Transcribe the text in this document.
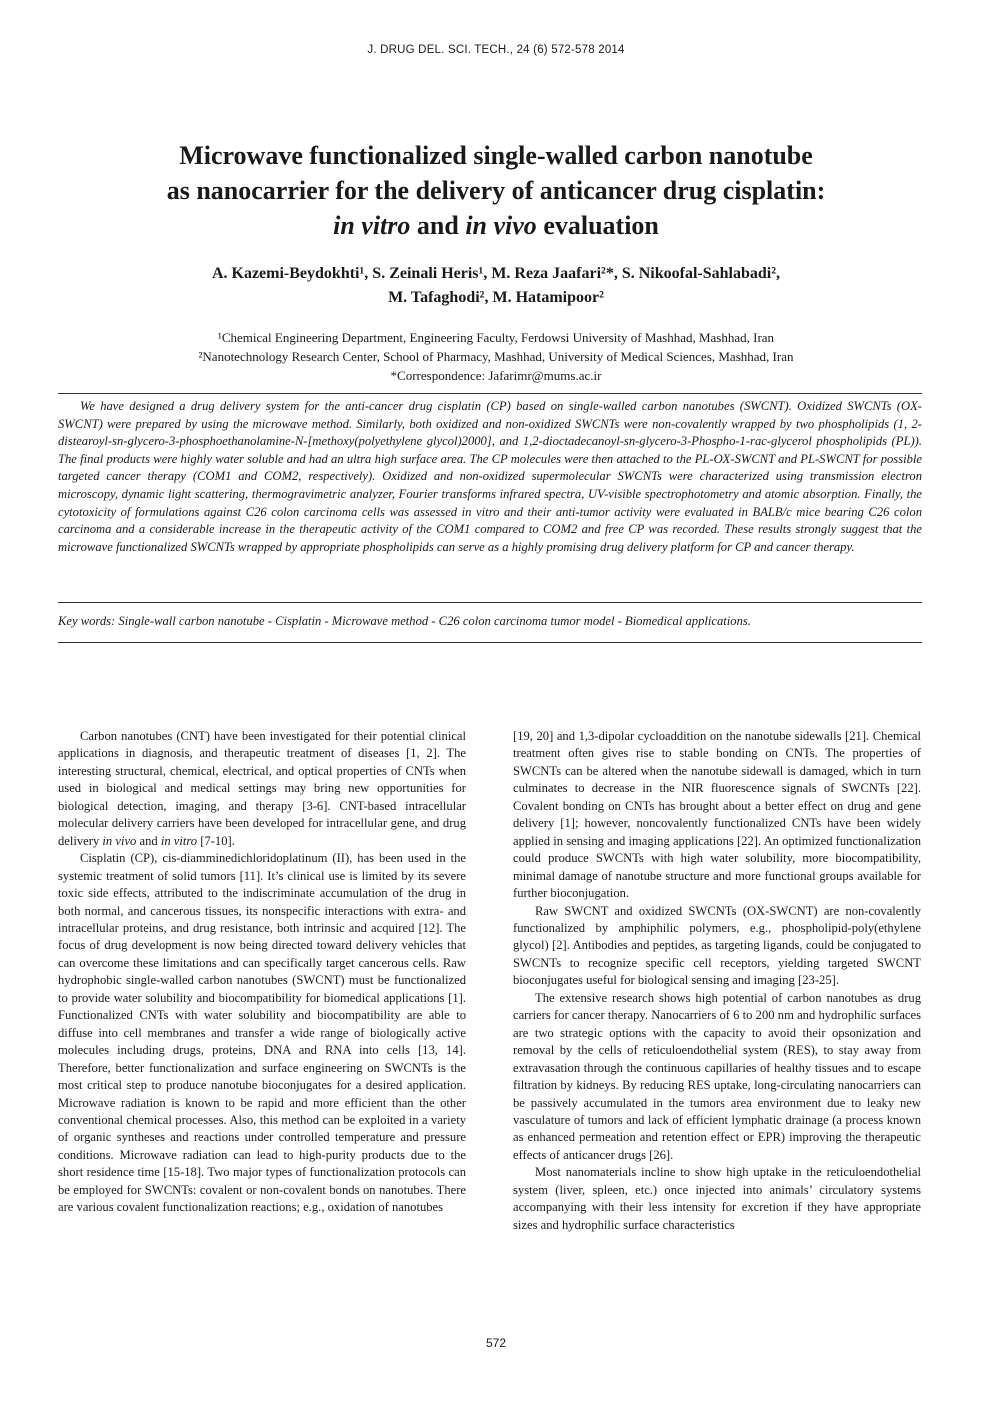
J. DRUG DEL. SCI. TECH., 24 (6) 572-578 2014
Microwave functionalized single-walled carbon nanotube
as nanocarrier for the delivery of anticancer drug cisplatin:
in vitro and in vivo evaluation
A. Kazemi-Beydokhti¹, S. Zeinali Heris¹, M. Reza Jaafari²*, S. Nikoofal-Sahlabadi²,
M. Tafaghodi², M. Hatamipoor²
¹Chemical Engineering Department, Engineering Faculty, Ferdowsi University of Mashhad, Mashhad, Iran
²Nanotechnology Research Center, School of Pharmacy, Mashhad, University of Medical Sciences, Mashhad, Iran
*Correspondence: Jafarimr@mums.ac.ir

We have designed a drug delivery system for the anti-cancer drug cisplatin (CP) based on single-walled carbon nanotubes (SWCNT). Oxidized SWCNTs (OX-SWCNT) were prepared by using the microwave method. Similarly, both oxidized and non-oxidized SWCNTs were non-covalently wrapped by two phospholipids (1, 2-distearoyl-sn-glycero-3-phosphoethanolamine-N-[methoxy(polyethylene glycol)2000], and 1,2-dioctadecanoyl-sn-glycero-3-Phospho-1-rac-glycerol phospholipids (PL)). The final products were highly water soluble and had an ultra high surface area. The CP molecules were then attached to the PL-OX-SWCNT and PL-SWCNT for possible targeted cancer therapy (COM1 and COM2, respectively). Oxidized and non-oxidized supermolecular SWCNTs were characterized using transmission electron microscopy, dynamic light scattering, thermogravimetric analyzer, Fourier transforms infrared spectra, UV-visible spectrophotometry and atomic absorption. Finally, the cytotoxicity of formulations against C26 colon carcinoma cells was assessed in vitro and their anti-tumor activity were evaluated in BALB/c mice bearing C26 colon carcinoma and a considerable increase in the therapeutic activity of the COM1 compared to COM2 and free CP was recorded. These results strongly suggest that the microwave functionalized SWCNTs wrapped by appropriate phospholipids can serve as a highly promising drug delivery platform for CP and cancer therapy.

Key words: Single-wall carbon nanotube - Cisplatin - Microwave method - C26 colon carcinoma tumor model - Biomedical applications.

Carbon nanotubes (CNT) have been investigated for their potential clinical applications in diagnosis, and therapeutic treatment of diseases [1, 2]. The interesting structural, chemical, electrical, and optical properties of CNTs when used in biological and medical settings may bring new opportunities for biological detection, imaging, and therapy [3-6]. CNT-based intracellular molecular delivery carriers have been developed for intracellular gene, and drug delivery in vivo and in vitro [7-10].

Cisplatin (CP), cis-diamminedichloridoplatinum (II), has been used in the systemic treatment of solid tumors [11]. It’s clinical use is limited by its severe toxic side effects, attributed to the indiscriminate accumulation of the drug in both normal, and cancerous tissues, its nonspecific interactions with extra- and intracellular proteins, and drug resistance, both intrinsic and acquired [12]. The focus of drug development is now being directed toward delivery vehicles that can overcome these limitations and can specifically target cancerous cells. Raw hydrophobic single-walled carbon nanotubes (SWCNT) must be functionalized to provide water solubility and biocompatibility for biomedical applications [1]. Functionalized CNTs with water solubility and biocompatibility are able to diffuse into cell membranes and transfer a wide range of biologically active molecules including drugs, proteins, DNA and RNA into cells [13, 14]. Therefore, better functionalization and surface engineering on SWCNTs is the most critical step to produce nanotube bioconjugates for a desired application. Microwave radiation is known to be rapid and more efficient than the other conventional chemical processes. Also, this method can be exploited in a variety of organic syntheses and reactions under controlled temperature and pressure conditions. Microwave radiation can lead to high-purity products due to the short residence time [15-18]. Two major types of functionalization protocols can be employed for SWCNTs: covalent or non-covalent bonds on nanotubes. There are various covalent functionalization reactions; e.g., oxidation of nanotubes

[19, 20] and 1,3-dipolar cycloaddition on the nanotube sidewalls [21]. Chemical treatment often gives rise to stable bonding on CNTs. The properties of SWCNTs can be altered when the nanotube sidewall is damaged, which in turn culminates to decrease in the NIR fluorescence signals of SWCNTs [22]. Covalent bonding on CNTs has brought about a better effect on drug and gene delivery [1]; however, noncovalently functionalized CNTs have been widely applied in sensing and imaging applications [22]. An optimized functionalization could produce SWCNTs with high water solubility, more biocompatibility, minimal damage of nanotube structure and more functional groups available for further bioconjugation.

Raw SWCNT and oxidized SWCNTs (OX-SWCNT) are non-covalently functionalized by amphiphilic polymers, e.g., phospholipid-poly(ethylene glycol) [2]. Antibodies and peptides, as targeting ligands, could be conjugated to SWCNTs to recognize specific cell receptors, yielding targeted SWCNT bioconjugates useful for biological sensing and imaging [23-25].

The extensive research shows high potential of carbon nanotubes as drug carriers for cancer therapy. Nanocarriers of 6 to 200 nm and hydrophilic surfaces are two strategic options with the capacity to avoid their opsonization and removal by the cells of reticuloendothelial system (RES), to stay away from extravasation through the continuous capillaries of healthy tissues and to escape filtration by kidneys. By reducing RES uptake, long-circulating nanocarriers can be passively accumulated in the tumors area environment due to leaky new vasculature of tumors and lack of efficient lymphatic drainage (a process known as enhanced permeation and retention effect or EPR) improving the therapeutic effects of anticancer drugs [26].

Most nanomaterials incline to show high uptake in the reticuloendothelial system (liver, spleen, etc.) once injected into animals’ circulatory systems accompanying with their less intensity for excretion if they have appropriate sizes and hydrophilic surface characteristics

572
